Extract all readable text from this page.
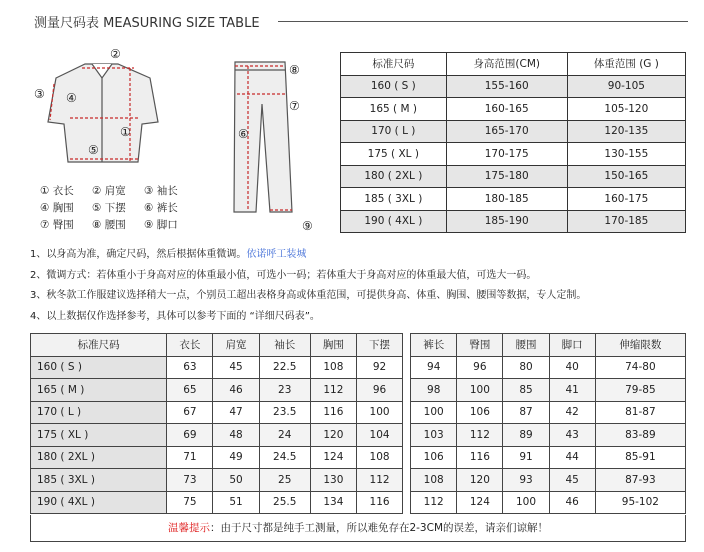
测量尺码表 MEASURING SIZE TABLE
②
③ ④
①
⑤
⑧
⑦
⑥
⑨
① 衣长	② 肩宽	③ 袖长
④ 胸围	⑤ 下摆	⑥ 裤长
⑦ 臀围	⑧ 腰围	⑨ 脚口
标准尺码	身高范围(CM)	体重范围 (G )
160 ( S )	155-160	90-105
165 ( M )	160-165	105-120
170 ( L )	165-170	120-135
175 ( XL )	170-175	130-155
180 ( 2XL )	175-180	150-165
185 ( 3XL )	180-185	160-175
190 ( 4XL )	185-190	170-185
1、以身高为准，确定尺码，然后根据体重微调。依诺呼工装城
2、微调方式：若体重小于身高对应的体重最小值，可选小一码；若体重大于身高对应的体重最大值，可选大一码。
3、秋冬款工作服建议选择稍大一点，个别员工超出表格身高或体重范围，可提供身高、体重、胸围、腰围等数据，专人定制。
4、以上数据仅作选择参考，具体可以参考下面的 “详细尺码表”。
标准尺码	衣长	肩宽	袖长	胸围	下摆		裤长	臀围	腰围	脚口	伸缩限数
160 ( S )	63	45	22.5	108	92		94	96	80	40	74-80
165 ( M )	65	46	23	112	96		98	100	85	41	79-85
170 ( L )	67	47	23.5	116	100		100	106	87	42	81-87
175 ( XL )	69	48	24	120	104		103	112	89	43	83-89
180 ( 2XL )	71	49	24.5	124	108		106	116	91	44	85-91
185 ( 3XL )	73	50	25	130	112		108	120	93	45	87-93
190 ( 4XL )	75	51	25.5	134	116		112	124	100	46	95-102
温馨提示：由于尺寸都是纯手工测量，所以难免存在2-3CM的误差，请亲们谅解！
